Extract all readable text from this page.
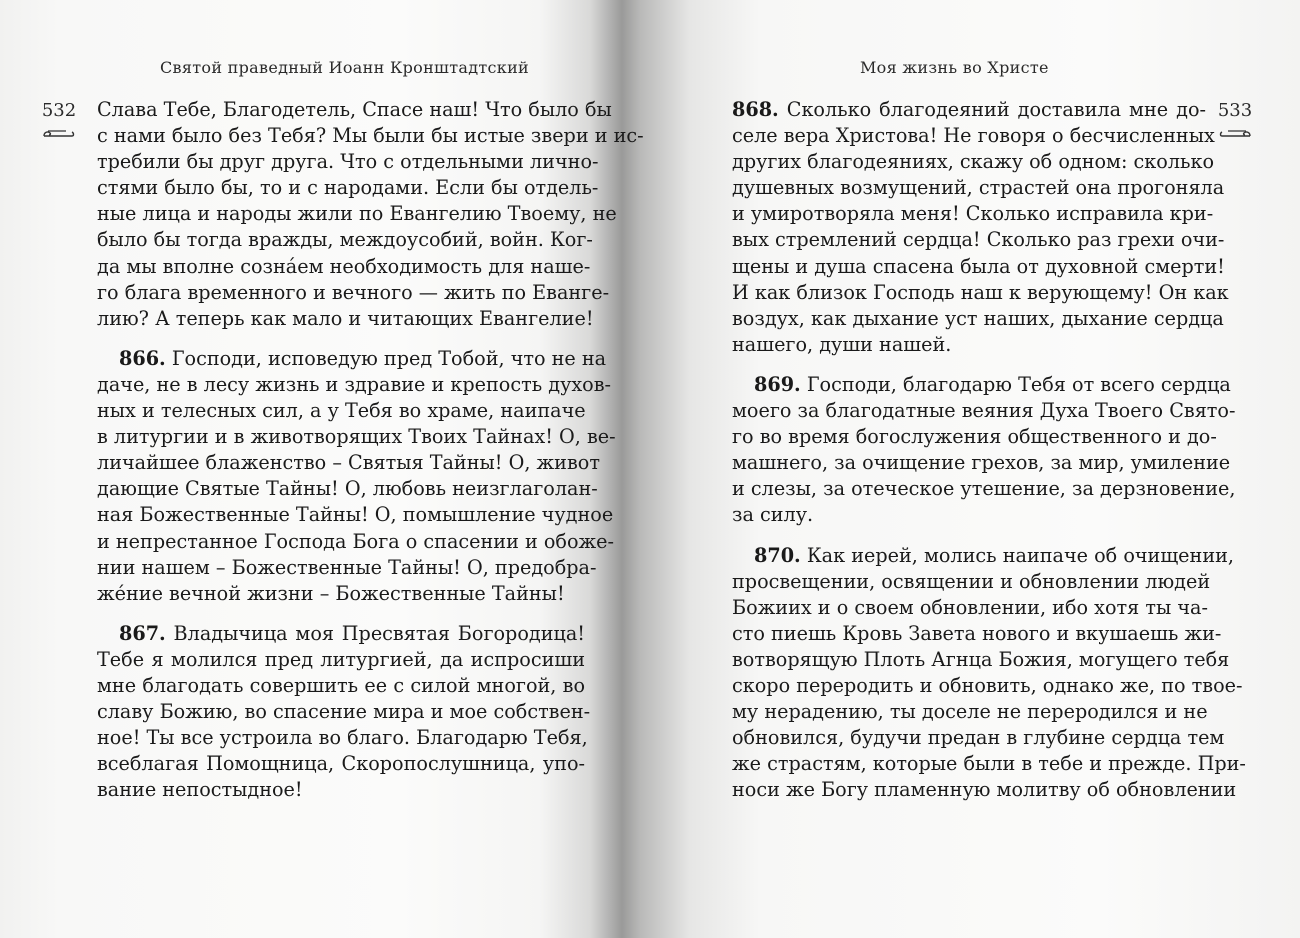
Святой праведный Иоанн Кронштадтский
532	Слава Тебе, Благодетель, Спасе наш! Что было бы
с нами было без Тебя? Мы были бы истые звери и ис-
требили бы друг друга. Что с отдельными лично-
стями было бы, то и с народами. Если бы отдель-
ные лица и народы жили по Евангелию Твоему, не
было бы тогда вражды, междоусобий, войн. Ког-
да мы вполне сознáем необходимость для наше-
го блага временного и вечного — жить по Еванге-
лию? А теперь как мало и читающих Евангелие!

866. Господи, исповедую пред Тобой, что не на
даче, не в лесу жизнь и здравие и крепость духов-
ных и телесных сил, а у Тебя во храме, наипаче
в литургии и в животворящих Твоих Тайнах! О, ве-
личайшее блаженство – Святыя Тайны! О, живот
дающие Святые Тайны! О, любовь неизглаголан-
ная Божественные Тайны! О, помышление чудное
и непрестанное Господа Бога о спасении и обоже-
нии нашем – Божественные Тайны! О, предобра-
же́ние вечной жизни – Божественные Тайны!

867. Владычица моя Пресвятая Богородица!
Тебе я молился пред литургией, да испросиши
мне благодать совершить ее с силой многой, во
славу Божию, во спасение мира и мое собствен-
ное! Ты все устроила во благо. Благодарю Тебя,
всеблагая Помощница, Скоропослушница, упо-
вание непостыдное!

Моя жизнь во Христе
533

868. Сколько благодеяний доставила мне до-
селе вера Христова! Не говоря о бесчисленных
других благодеяниях, скажу об одном: сколько
душевных возмущений, страстей она прогоняла
и умиротворяла меня! Сколько исправила кри-
вых стремлений сердца! Сколько раз грехи очи-
щены и душа спасена была от духовной смерти!
И как близок Господь наш к верующему! Он как
воздух, как дыхание уст наших, дыхание сердца
нашего, души нашей.

869. Господи, благодарю Тебя от всего сердца
моего за благодатные веяния Духа Твоего Свято-
го во время богослужения общественного и до-
машнего, за очищение грехов, за мир, умиление
и слезы, за отеческое утешение, за дерзновение,
за силу.

870. Как иерей, молись наипаче об очищении,
просвещении, освящении и обновлении людей
Божиих и о своем обновлении, ибо хотя ты ча-
сто пиешь Кровь Завета нового и вкушаешь жи-
вотворящую Плоть Агнца Божия, могущего тебя
скоро переродить и обновить, однако же, по твое-
му нерадению, ты доселе не переродился и не
обновился, будучи предан в глубине сердца тем
же страстям, которые были в тебе и прежде. При-
носи же Богу пламенную молитву об обновлении
